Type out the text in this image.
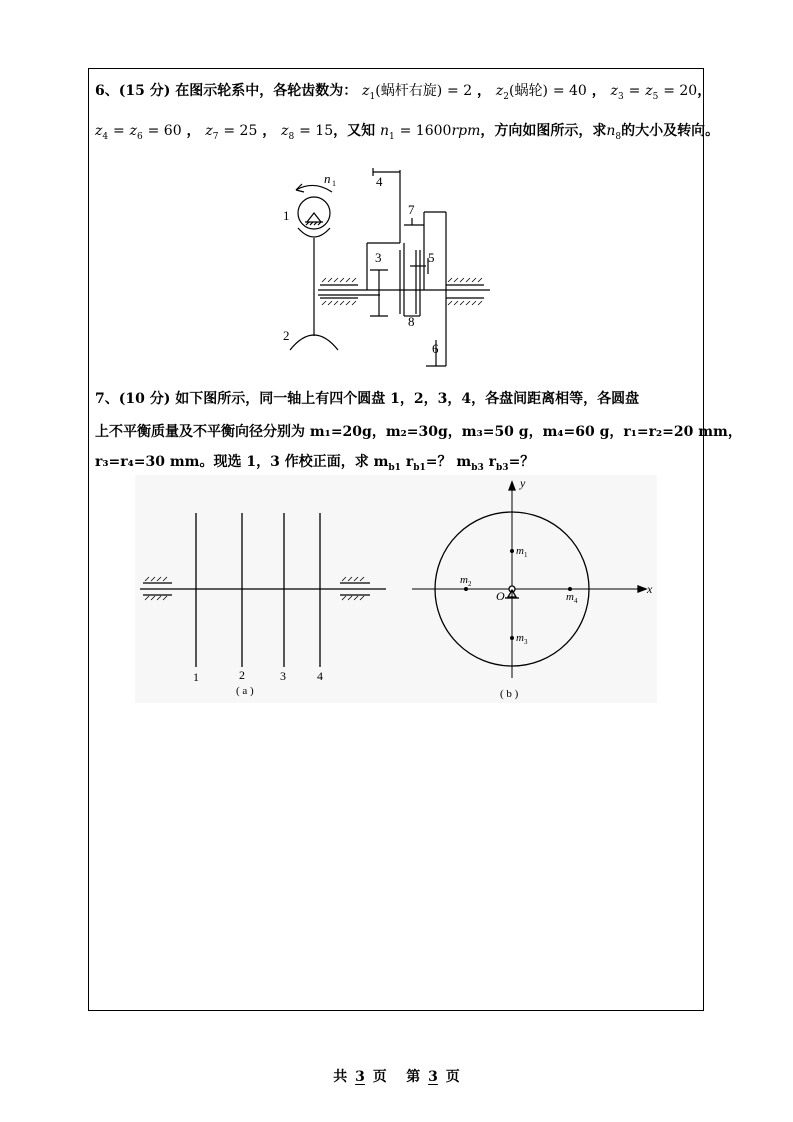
6、(15 分) 在图示轮系中，各轮齿数为： $z_1$(蜗杆右旋) = 2 ， $z_2$(蜗轮) = 40 ， $z_3 = z_5 = 20$，
$z_4 = z_6 = 60$ ， $z_7 = 25$ ， $z_8 = 15$，又知 $n_1 = 1600rpm$，方向如图所示，求$n_8$的大小及转向。
n 1
1
2
3
4
5
6
7
8
7、(10 分) 如下图所示，同一轴上有四个圆盘 1，2，3，4，各盘间距离相等，各圆盘
上不平衡质量及不平衡向径分别为 m₁=20g，m₂=30g，m₃=50 g，m₄=60 g，r₁=r₂=20 mm，
r₃=r₄=30 mm。现选 1，3 作校正面，求 $m_{b1}$ $r_{b1}=$？ $m_{b3}$ $r_{b3}=$？
1	2	3	4
( a )	( b )
y
x
O
m 1
m 2
m 3
m 4
共 3 页 第 3 页
